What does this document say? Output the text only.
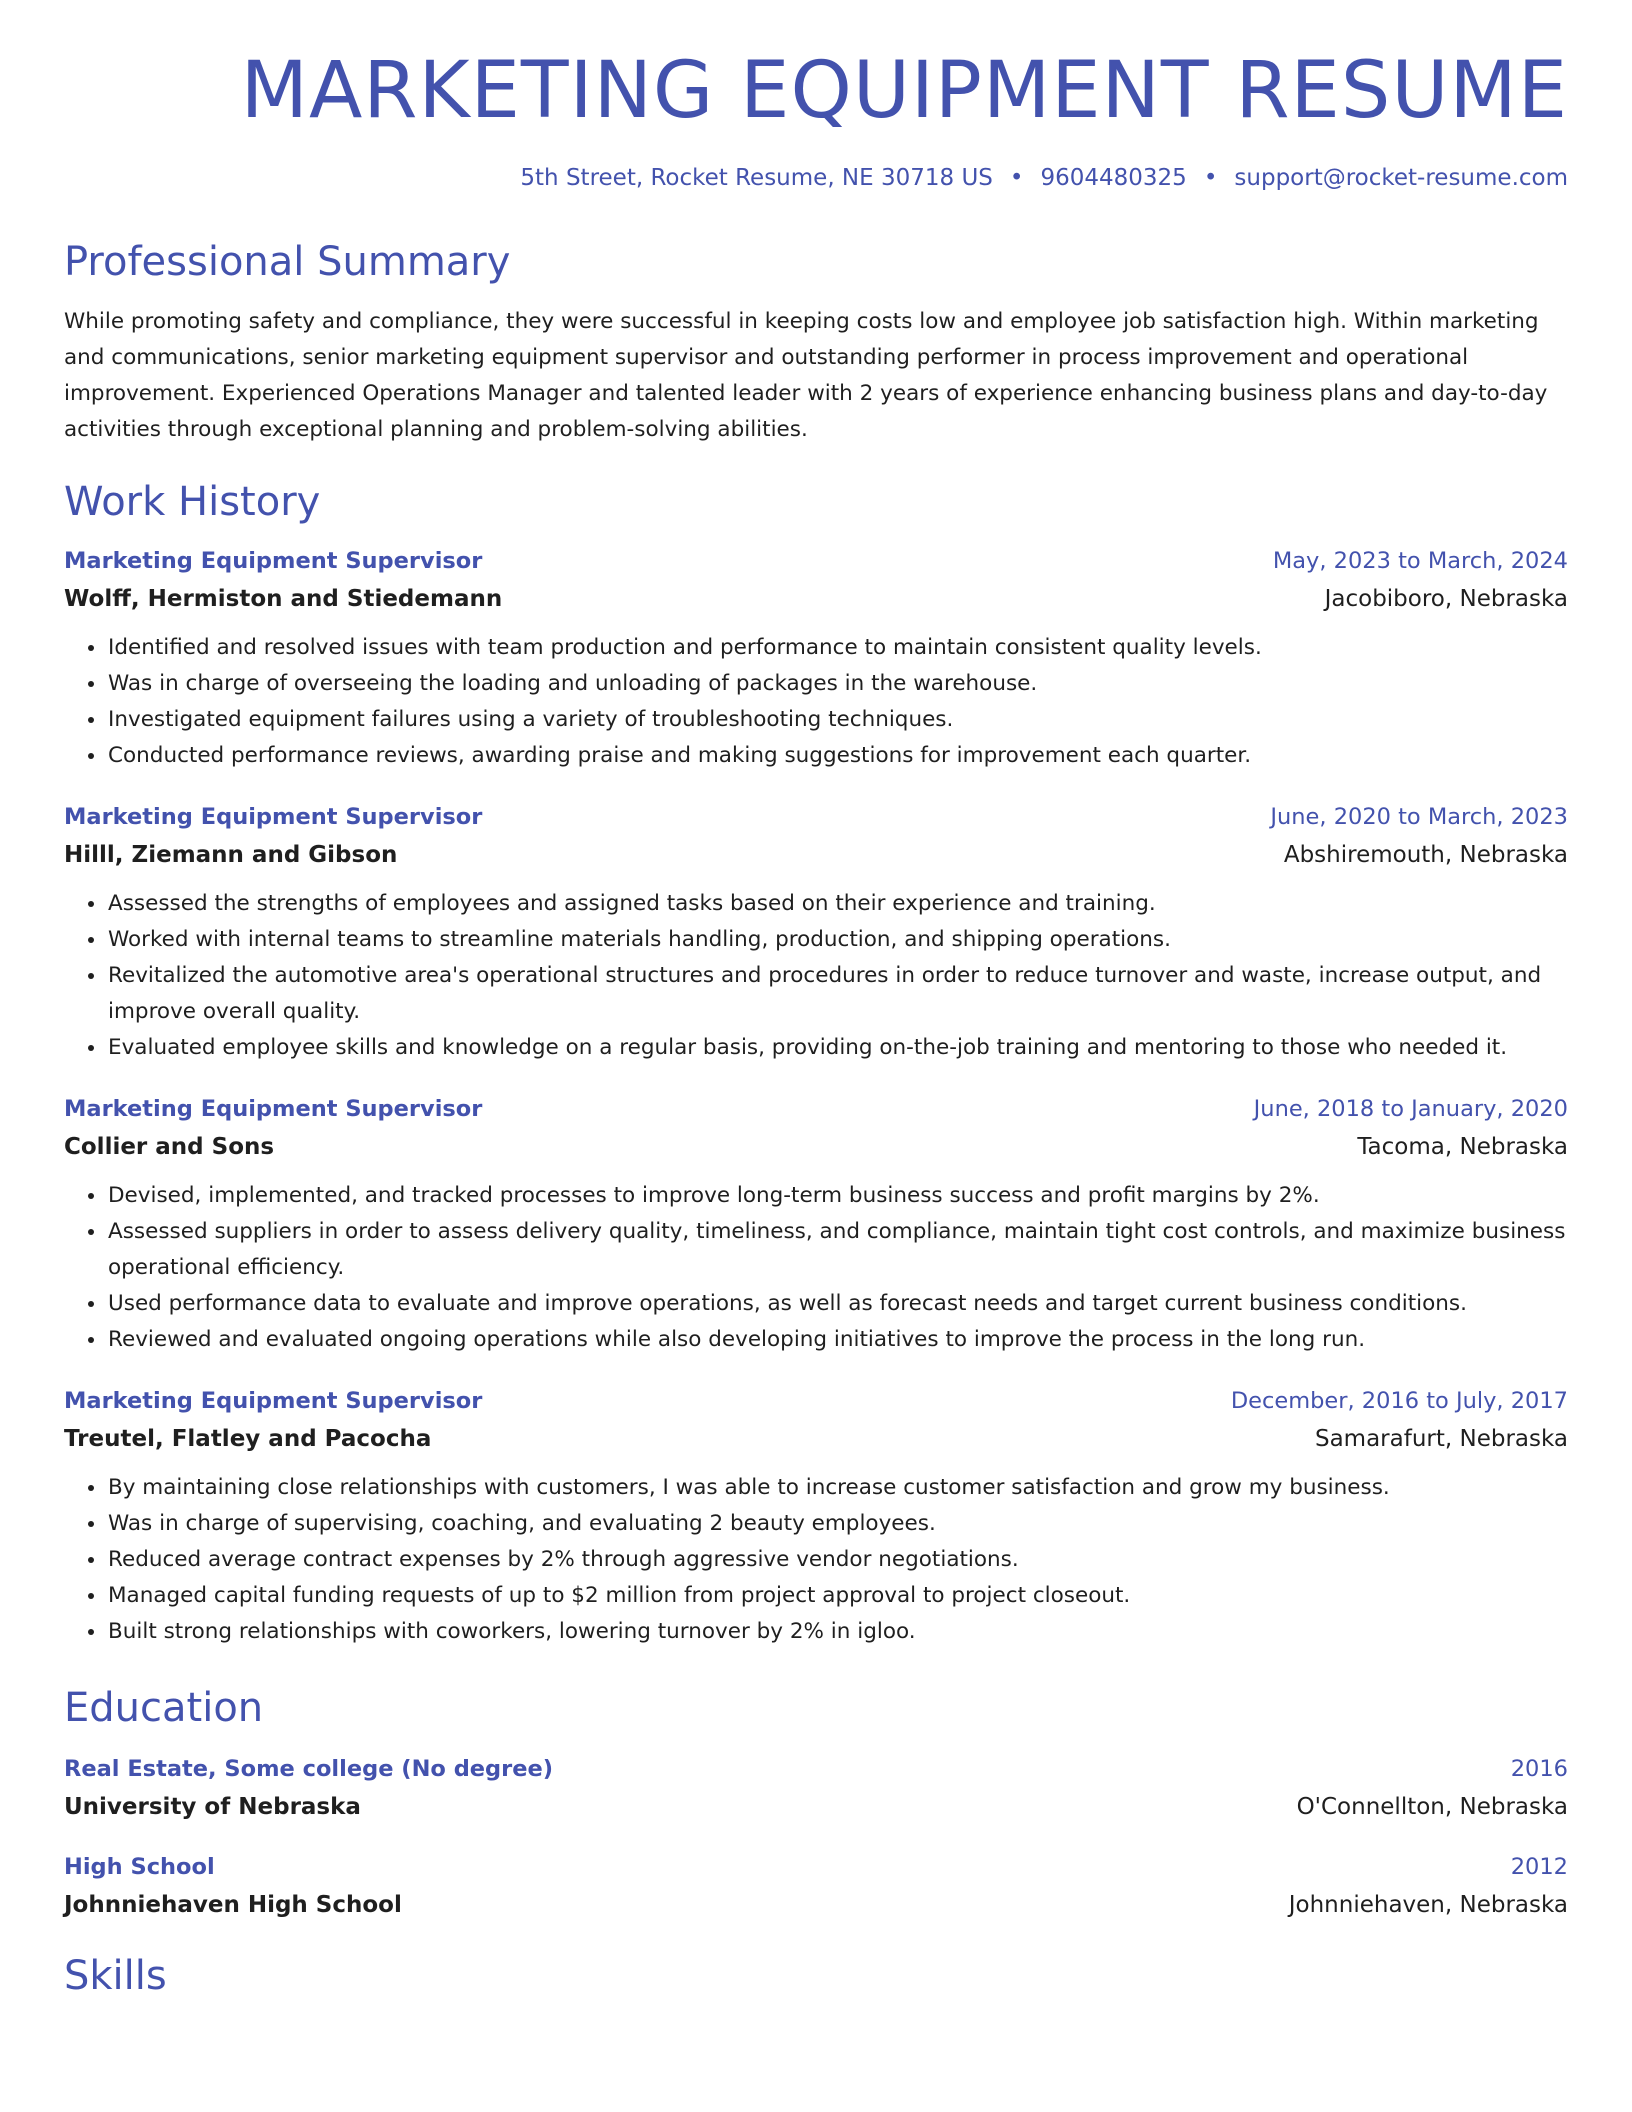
MARKETING EQUIPMENT RESUME
5th Street, Rocket Resume, NE 30718 US • 9604480325 • support@rocket-resume.com
Professional Summary
While promoting safety and compliance, they were successful in keeping costs low and employee job satisfaction high. Within marketing and communications, senior marketing equipment supervisor and outstanding performer in process improvement and operational improvement. Experienced Operations Manager and talented leader with 2 years of experience enhancing business plans and day-to-day activities through exceptional planning and problem-solving abilities.
Work History
Marketing Equipment Supervisor	May, 2023 to March, 2024
Wolff, Hermiston and Stiedemann	Jacobiboro, Nebraska
• Identified and resolved issues with team production and performance to maintain consistent quality levels.
• Was in charge of overseeing the loading and unloading of packages in the warehouse.
• Investigated equipment failures using a variety of troubleshooting techniques.
• Conducted performance reviews, awarding praise and making suggestions for improvement each quarter.
Marketing Equipment Supervisor	June, 2020 to March, 2023
Hilll, Ziemann and Gibson	Abshiremouth, Nebraska
• Assessed the strengths of employees and assigned tasks based on their experience and training.
• Worked with internal teams to streamline materials handling, production, and shipping operations.
• Revitalized the automotive area's operational structures and procedures in order to reduce turnover and waste, increase output, and improve overall quality.
• Evaluated employee skills and knowledge on a regular basis, providing on-the-job training and mentoring to those who needed it.
Marketing Equipment Supervisor	June, 2018 to January, 2020
Collier and Sons	Tacoma, Nebraska
• Devised, implemented, and tracked processes to improve long-term business success and profit margins by 2%.
• Assessed suppliers in order to assess delivery quality, timeliness, and compliance, maintain tight cost controls, and maximize business operational efficiency.
• Used performance data to evaluate and improve operations, as well as forecast needs and target current business conditions.
• Reviewed and evaluated ongoing operations while also developing initiatives to improve the process in the long run.
Marketing Equipment Supervisor	December, 2016 to July, 2017
Treutel, Flatley and Pacocha	Samarafurt, Nebraska
• By maintaining close relationships with customers, I was able to increase customer satisfaction and grow my business.
• Was in charge of supervising, coaching, and evaluating 2 beauty employees.
• Reduced average contract expenses by 2% through aggressive vendor negotiations.
• Managed capital funding requests of up to $2 million from project approval to project closeout.
• Built strong relationships with coworkers, lowering turnover by 2% in igloo.
Education
Real Estate, Some college (No degree)	2016
University of Nebraska	O'Connellton, Nebraska
High School	2012
Johnniehaven High School	Johnniehaven, Nebraska
Skills
